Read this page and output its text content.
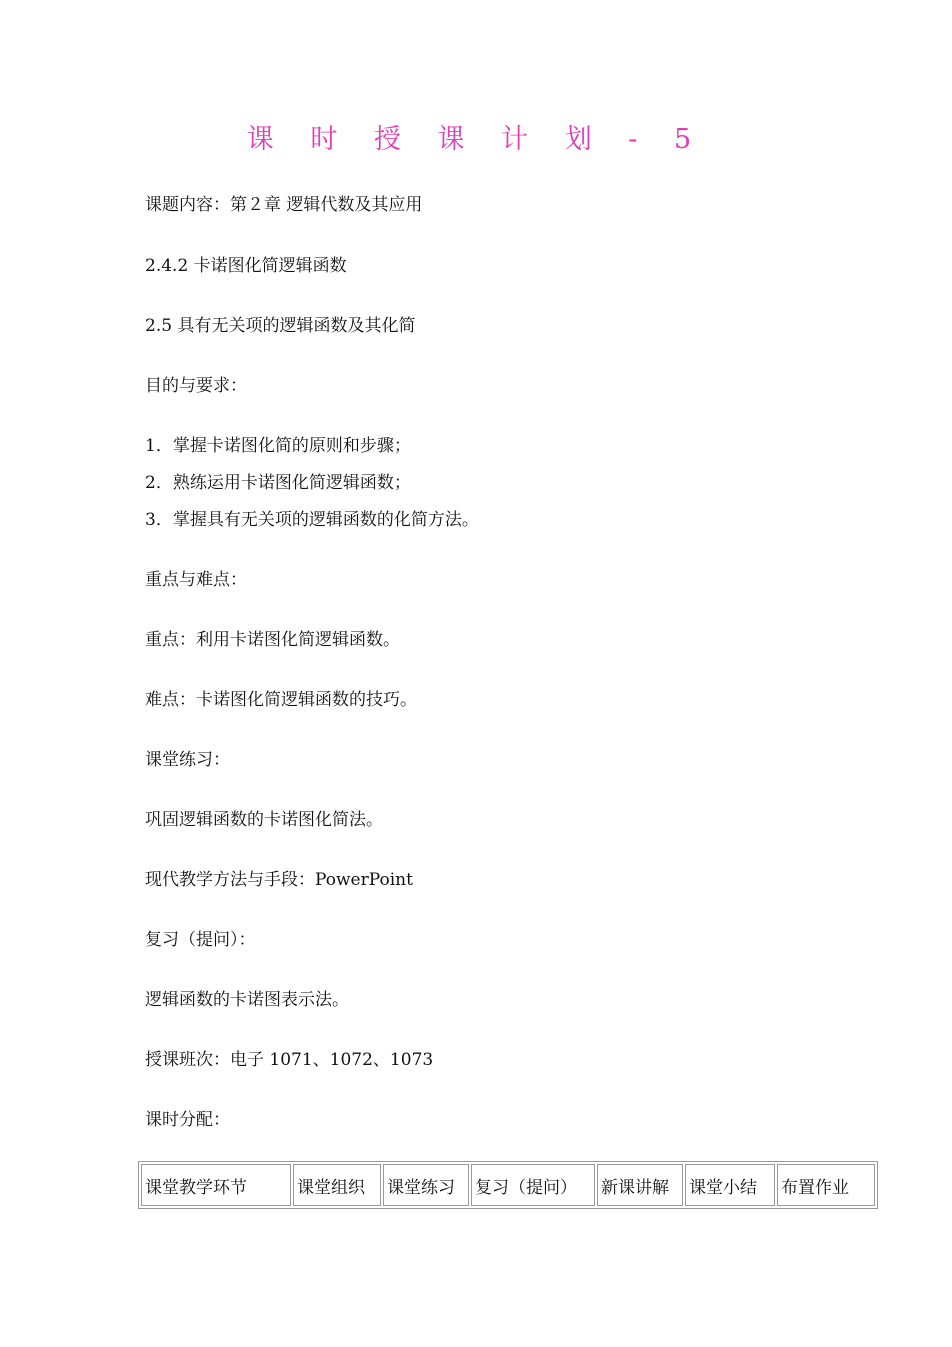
课 时 授 课 计 划 - 5
课题内容：第２章 逻辑代数及其应用
2.4.2 卡诺图化简逻辑函数
2.5 具有无关项的逻辑函数及其化简
目的与要求：
1．掌握卡诺图化简的原则和步骤；
2．熟练运用卡诺图化简逻辑函数；
3．掌握具有无关项的逻辑函数的化简方法。
重点与难点：
重点：利用卡诺图化简逻辑函数。
难点：卡诺图化简逻辑函数的技巧。
课堂练习：
巩固逻辑函数的卡诺图化简法。
现代教学方法与手段：PowerPoint
复习（提问）：
逻辑函数的卡诺图表示法。
授课班次：电子 1071、1072、1073
课时分配：
课堂教学环节	课堂组织	课堂练习	复习（提问）	新课讲解	课堂小结	布置作业
